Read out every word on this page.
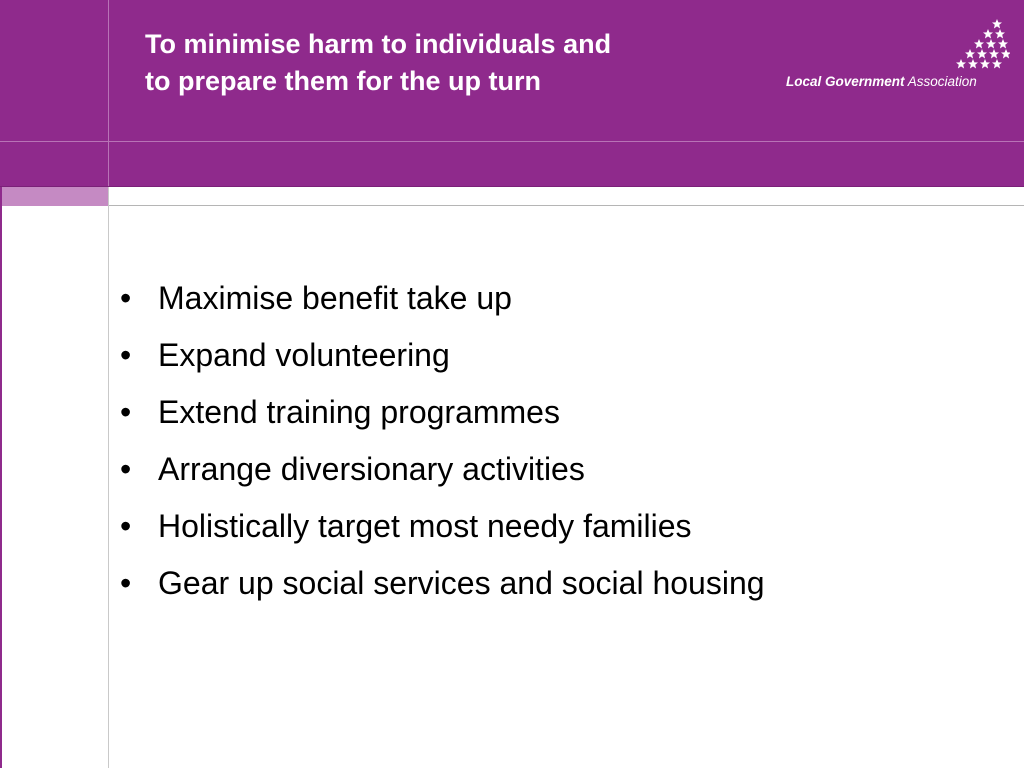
To minimise harm to individuals and
to prepare them for the up turn	Local Government Association
• Maximise benefit take up
• Expand volunteering
• Extend training programmes
• Arrange diversionary activities
• Holistically target most needy families
• Gear up social services and social housing
